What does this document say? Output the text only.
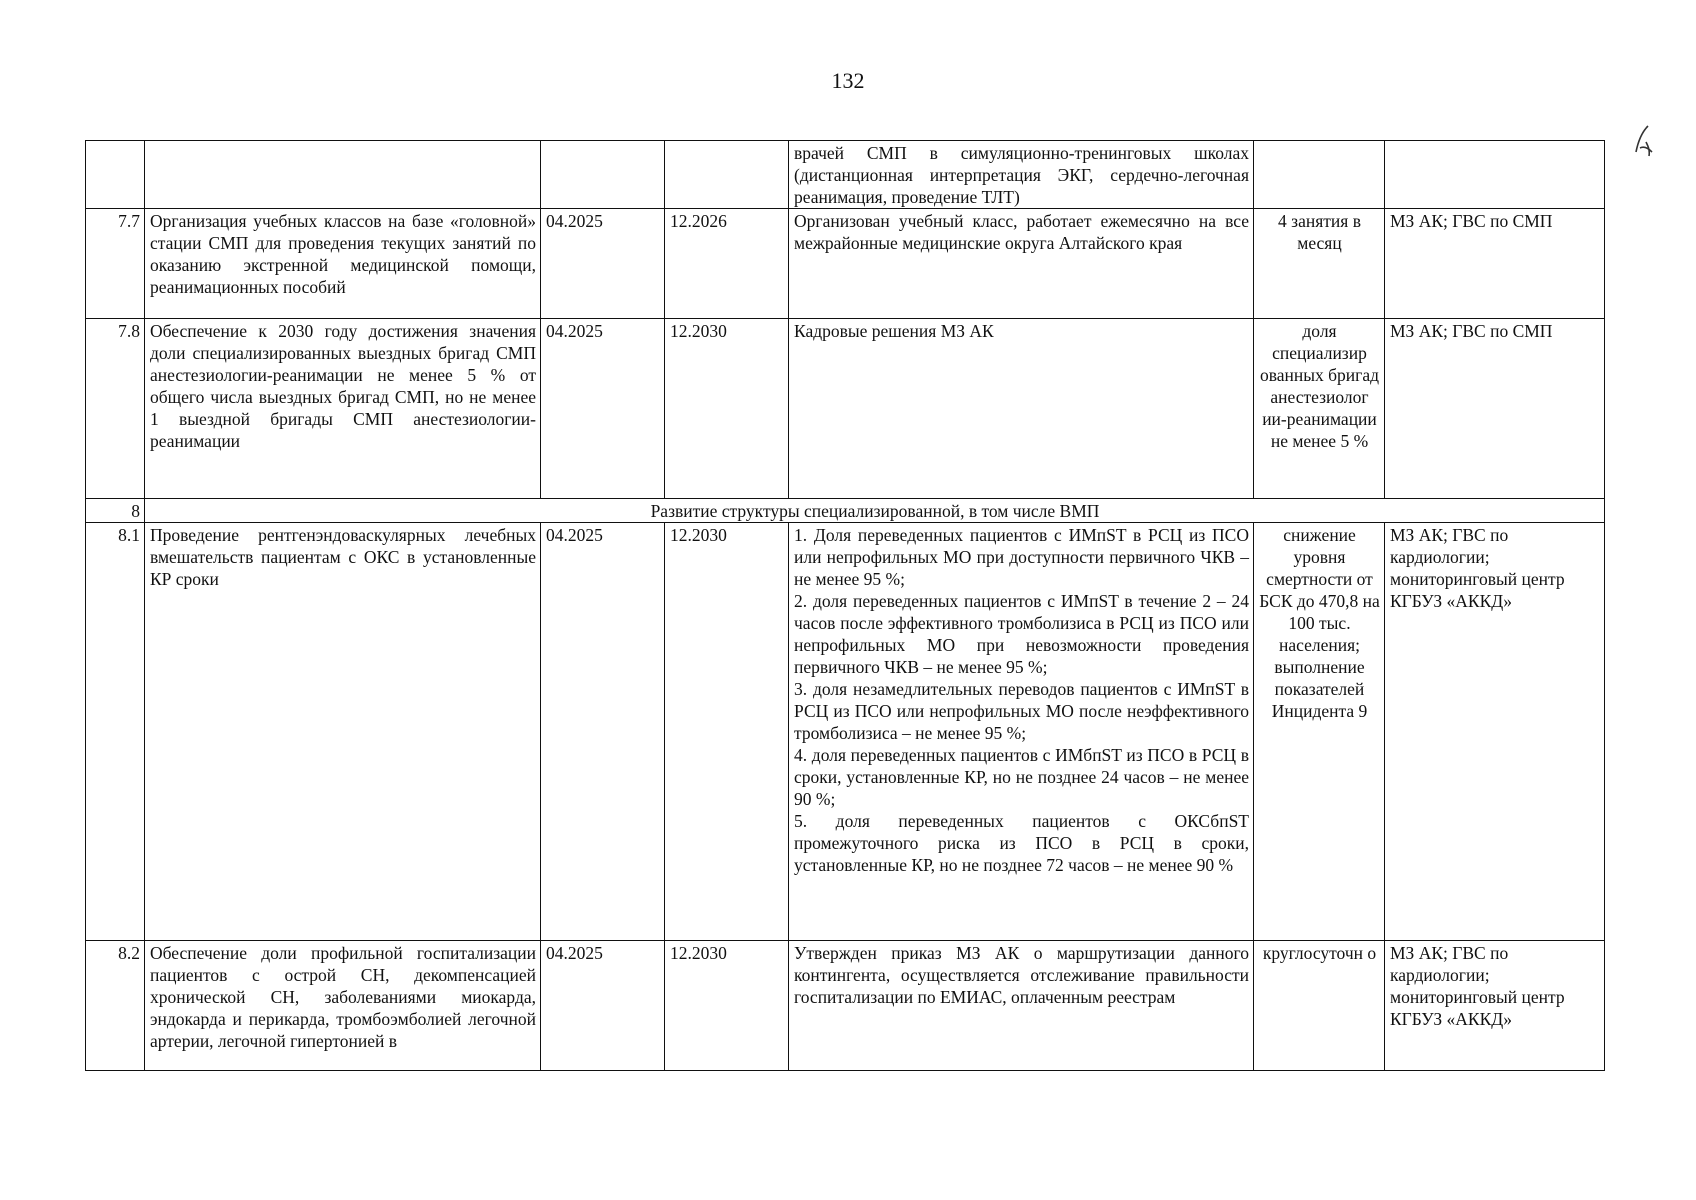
132
				врачей СМП в симуляционно-тренинговых школах (дистанционная интерпретация ЭКГ, сердечно-легочная реанимация, проведение ТЛТ)		
7.7	Организация учебных классов на базе «головной» стации СМП для проведения текущих занятий по оказанию экстренной медицинской помощи, реанимационных пособий	04.2025	12.2026	Организован учебный класс, работает ежемесячно на все межрайонные медицинские округа Алтайского края	4 занятия в месяц	МЗ АК; ГВС по СМП
7.8	Обеспечение к 2030 году достижения значения доли специализированных выездных бригад СМП анестезиологии-реанимации не менее 5 % от общего числа выездных бригад СМП, но не менее 1 выездной бригады СМП анестезиологии-реанимации	04.2025	12.2030	Кадровые решения МЗ АК	доля специализир ованных бригад анестезиолог ии-реанимации не менее 5 %	МЗ АК; ГВС по СМП
8	Развитие структуры специализированной, в том числе ВМП					
8.1	Проведение рентгенэндоваскулярных лечебных вмешательств пациентам с ОКС в установленные КР сроки	04.2025	12.2030	1. Доля переведенных пациентов с ИМпST в РСЦ из ПСО или непрофильных МО при доступности первичного ЧКВ – не менее 95 %;
2. доля переведенных пациентов с ИМпST в течение 2 – 24 часов после эффективного тромболизиса в РСЦ из ПСО или непрофильных МО при невозможности проведения первичного ЧКВ – не менее 95 %;
3. доля незамедлительных переводов пациентов с ИМпST в РСЦ из ПСО или непрофильных МО после неэффективного тромболизиса – не менее 95 %;
4. доля переведенных пациентов с ИМбпST из ПСО в РСЦ в сроки, установленные КР, но не позднее 24 часов – не менее 90 %;
5. доля переведенных пациентов с ОКСбпST промежуточного риска из ПСО в РСЦ в сроки, установленные КР, но не позднее 72 часов – не менее 90 %	снижение уровня смертности от БСК до 470,8 на 100 тыс. населения; выполнение показателей Инцидента 9	МЗ АК; ГВС по кардиологии; мониторинговый центр КГБУЗ «АККД»
8.2	Обеспечение доли профильной госпитализации пациентов с острой СН, декомпенсацией хронической СН, заболеваниями миокарда, эндокарда и перикарда, тромбоэмболией легочной артерии, легочной гипертонией в	04.2025	12.2030	Утвержден приказ МЗ АК о маршрутизации данного контингента, осуществляется отслеживание правильности госпитализации по ЕМИАС, оплаченным реестрам	круглосуточн о	МЗ АК; ГВС по кардиологии; мониторинговый центр КГБУЗ «АККД»
